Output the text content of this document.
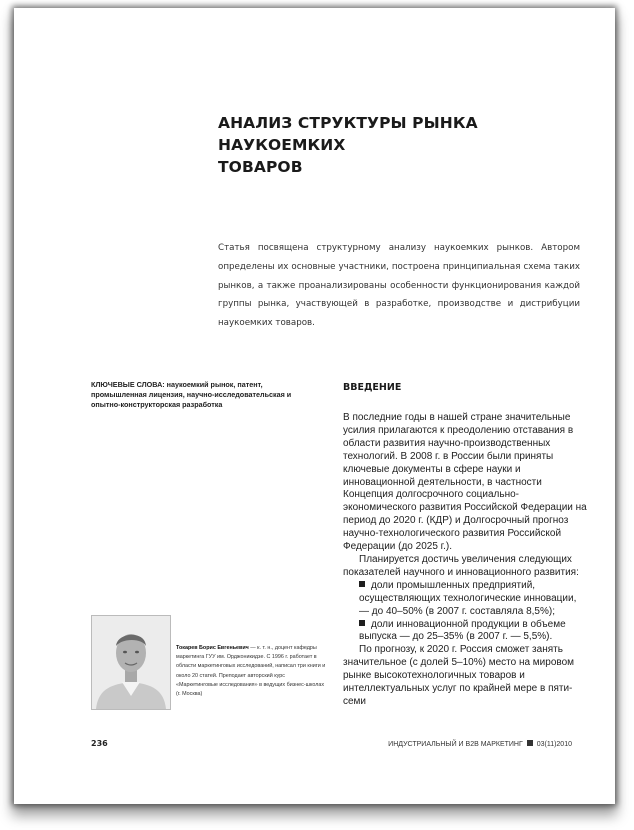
АНАЛИЗ СТРУКТУРЫ РЫНКА НАУКОЕМКИХ
ТОВАРОВ
Статья посвящена структурному анализу наукоемких рынков. Автором определены их основные участники, построена принципиальная схема таких рынков, а также проанализированы особенности функционирования каждой группы рынка, участвующей в разработке, производстве и дистрибуции наукоемких товаров.
КЛЮЧЕВЫЕ СЛОВА: наукоемкий рынок, патент, промышленная лицензия, научно-исследовательская и опытно-конструкторская разработка
ВВЕДЕНИЕ

В последние годы в нашей стране значительные усилия прилагаются к преодолению отставания в области развития научно-производственных технологий. В 2008 г. в России были приняты ключевые документы в сфере науки и инновационной деятельности, в частности Концепция долгосрочного социально-экономического развития Российской Федерации на период до 2020 г. (КДР) и Долгосрочный прогноз научно-технологического развития Российской Федерации (до 2025 г.).

Планируется достичь увеличения следующих показателей научного и инновационного развития:

доли промышленных предприятий, осуществляющих технологические инновации, — до 40–50% (в 2007 г. составляла 8,5%);

доли инновационной продукции в объеме выпуска — до 25–35% (в 2007 г. — 5,5%).

По прогнозу, к 2020 г. Россия сможет занять значительное (с долей 5–10%) место на мировом рынке высокотехнологичных товаров и интеллектуальных услуг по крайней мере в пяти-семи

Токарев Борис Евгеньевич — к. т. н., доцент кафедры маркетинга ГУУ им. Орджоникидзе. С 1996 г. работает в области маркетинговых исследований, написал три книги и около 20 статей. Преподает авторский курс «Маркетинговые исследования» в ведущих бизнес-школах (г. Москва)
236	ИНДУСТРИАЛЬНЫЙ И B2B МАРКЕТИНГ 03(11)2010
